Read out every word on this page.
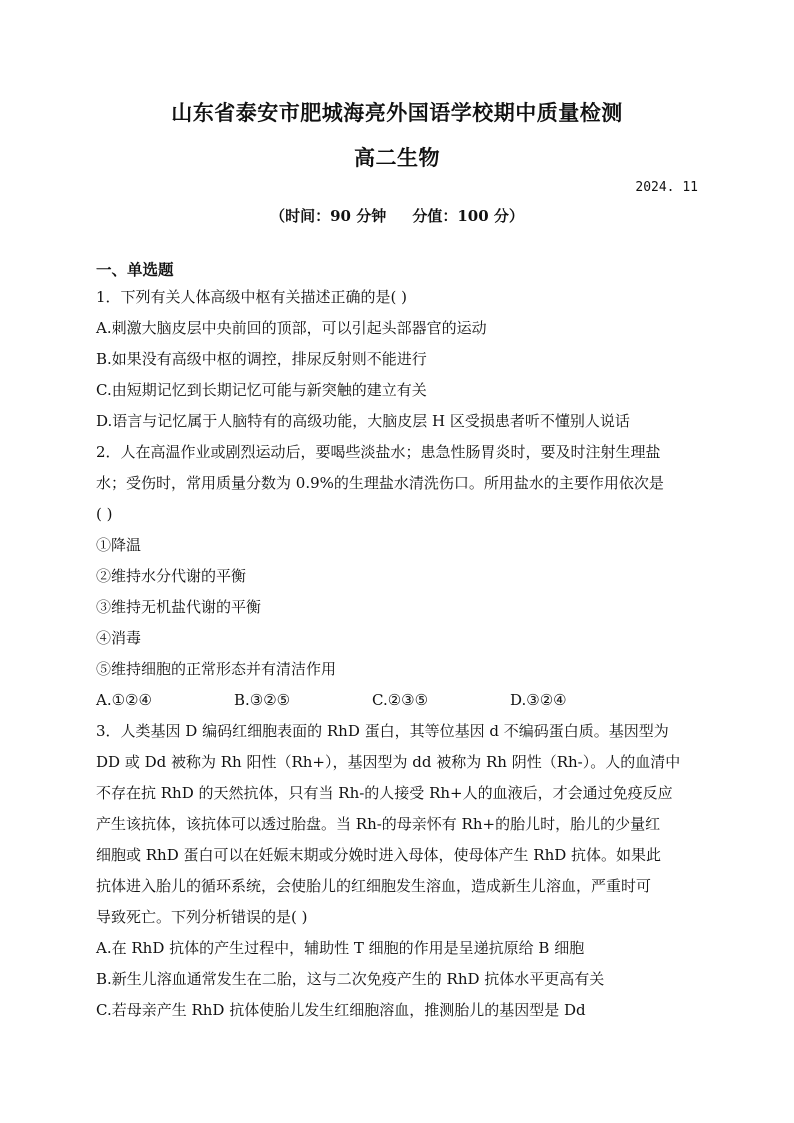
山东省泰安市肥城海亮外国语学校期中质量检测
高二生物
2024. 11
（时间：90 分钟     分值：100 分）
一、单选题
1．下列有关人体高级中枢有关描述正确的是( )
A.刺激大脑皮层中央前回的顶部，可以引起头部器官的运动
B.如果没有高级中枢的调控，排尿反射则不能进行
C.由短期记忆到长期记忆可能与新突触的建立有关
D.语言与记忆属于人脑特有的高级功能，大脑皮层 H 区受损患者听不懂别人说话
2．人在高温作业或剧烈运动后，要喝些淡盐水；患急性肠胃炎时，要及时注射生理盐
水；受伤时，常用质量分数为 0.9%的生理盐水清洗伤口。所用盐水的主要作用依次是
( )
①降温
②维持水分代谢的平衡
③维持无机盐代谢的平衡
④消毒
⑤维持细胞的正常形态并有清洁作用
A.①②④	B.③②⑤	C.②③⑤	D.③②④
3．人类基因 D 编码红细胞表面的 RhD 蛋白，其等位基因 d 不编码蛋白质。基因型为
DD 或 Dd 被称为 Rh 阳性（Rh+），基因型为 dd 被称为 Rh 阴性（Rh-）。人的血清中
不存在抗 RhD 的天然抗体，只有当 Rh-的人接受 Rh+人的血液后，才会通过免疫反应
产生该抗体，该抗体可以透过胎盘。当 Rh-的母亲怀有 Rh+的胎儿时，胎儿的少量红
细胞或 RhD 蛋白可以在妊娠末期或分娩时进入母体，使母体产生 RhD 抗体。如果此
抗体进入胎儿的循环系统，会使胎儿的红细胞发生溶血，造成新生儿溶血，严重时可
导致死亡。下列分析错误的是( )
A.在 RhD 抗体的产生过程中，辅助性 T 细胞的作用是呈递抗原给 B 细胞
B.新生儿溶血通常发生在二胎，这与二次免疫产生的 RhD 抗体水平更高有关
C.若母亲产生 RhD 抗体使胎儿发生红细胞溶血，推测胎儿的基因型是 Dd
